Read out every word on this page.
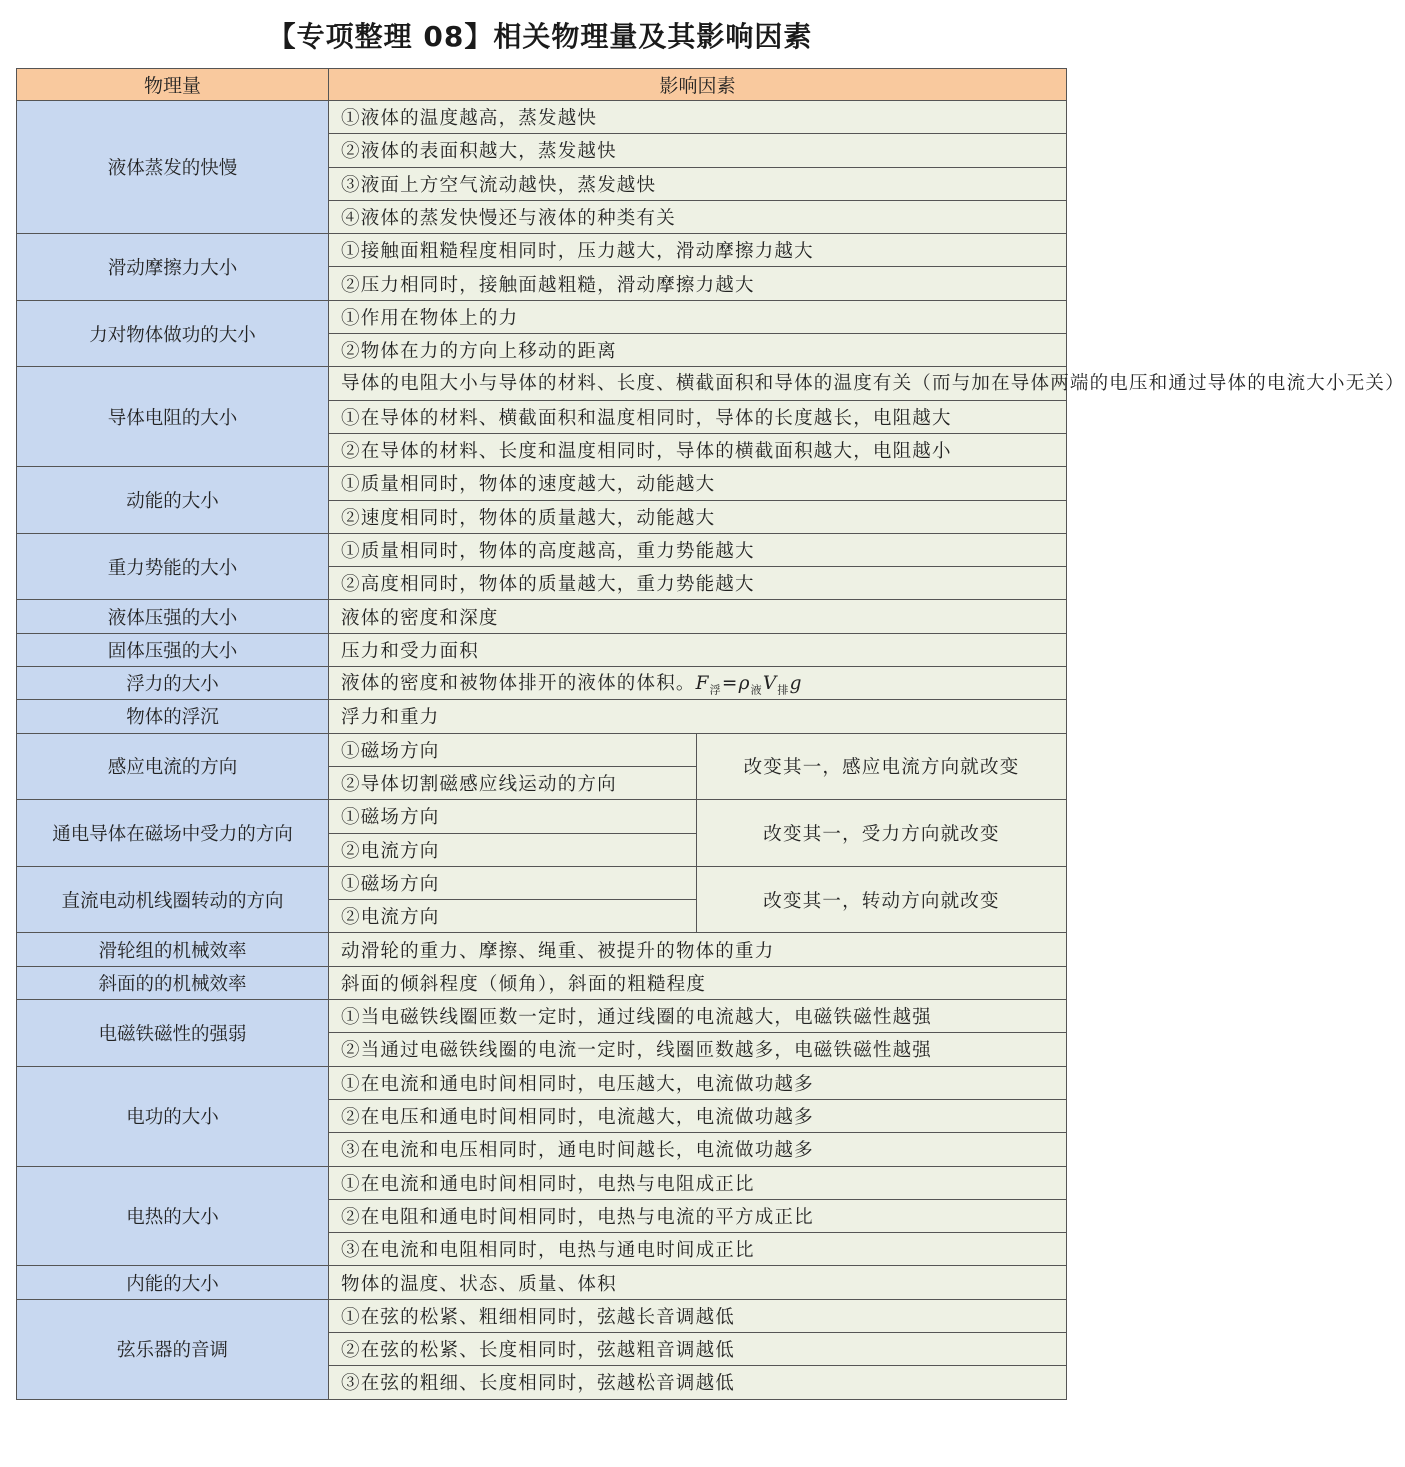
【专项整理 08】相关物理量及其影响因素
物理量	影响因素	
液体蒸发的快慢	①液体的温度越高，蒸发越快	
	②液体的表面积越大，蒸发越快	
	③液面上方空气流动越快，蒸发越快	
	④液体的蒸发快慢还与液体的种类有关	
滑动摩擦力大小	①接触面粗糙程度相同时，压力越大，滑动摩擦力越大	
	②压力相同时，接触面越粗糙，滑动摩擦力越大	
力对物体做功的大小	①作用在物体上的力	
	②物体在力的方向上移动的距离	
导体电阻的大小	导体的电阻大小与导体的材料、长度、横截面积和导体的温度有关（而与加在导体两端的电压和通过导体的电流大小无关）	
	①在导体的材料、横截面积和温度相同时，导体的长度越长，电阻越大	
	②在导体的材料、长度和温度相同时，导体的横截面积越大，电阻越小	
动能的大小	①质量相同时，物体的速度越大，动能越大	
	②速度相同时，物体的质量越大，动能越大	
重力势能的大小	①质量相同时，物体的高度越高，重力势能越大	
	②高度相同时，物体的质量越大，重力势能越大	
液体压强的大小	液体的密度和深度	
固体压强的大小	压力和受力面积	
浮力的大小	液体的密度和被物体排开的液体的体积。$F_浮=\rho_液V_排g$	
物体的浮沉	浮力和重力	
感应电流的方向	①磁场方向	改变其一，感应电流方向就改变
	②导体切割磁感应线运动的方向	
通电导体在磁场中受力的方向	①磁场方向	改变其一，受力方向就改变
	②电流方向	
直流电动机线圈转动的方向	①磁场方向	改变其一，转动方向就改变
	②电流方向	
滑轮组的机械效率	动滑轮的重力、摩擦、绳重、被提升的物体的重力	
斜面的的机械效率	斜面的倾斜程度（倾角），斜面的粗糙程度	
电磁铁磁性的强弱	①当电磁铁线圈匝数一定时，通过线圈的电流越大，电磁铁磁性越强	
	②当通过电磁铁线圈的电流一定时，线圈匝数越多，电磁铁磁性越强	
电功的大小	①在电流和通电时间相同时，电压越大，电流做功越多	
	②在电压和通电时间相同时，电流越大，电流做功越多	
	③在电流和电压相同时，通电时间越长，电流做功越多	
电热的大小	①在电流和通电时间相同时，电热与电阻成正比	
	②在电阻和通电时间相同时，电热与电流的平方成正比	
	③在电流和电阻相同时，电热与通电时间成正比	
内能的大小	物体的温度、状态、质量、体积	
弦乐器的音调	①在弦的松紧、粗细相同时，弦越长音调越低	
	②在弦的松紧、长度相同时，弦越粗音调越低	
	③在弦的粗细、长度相同时，弦越松音调越低	
